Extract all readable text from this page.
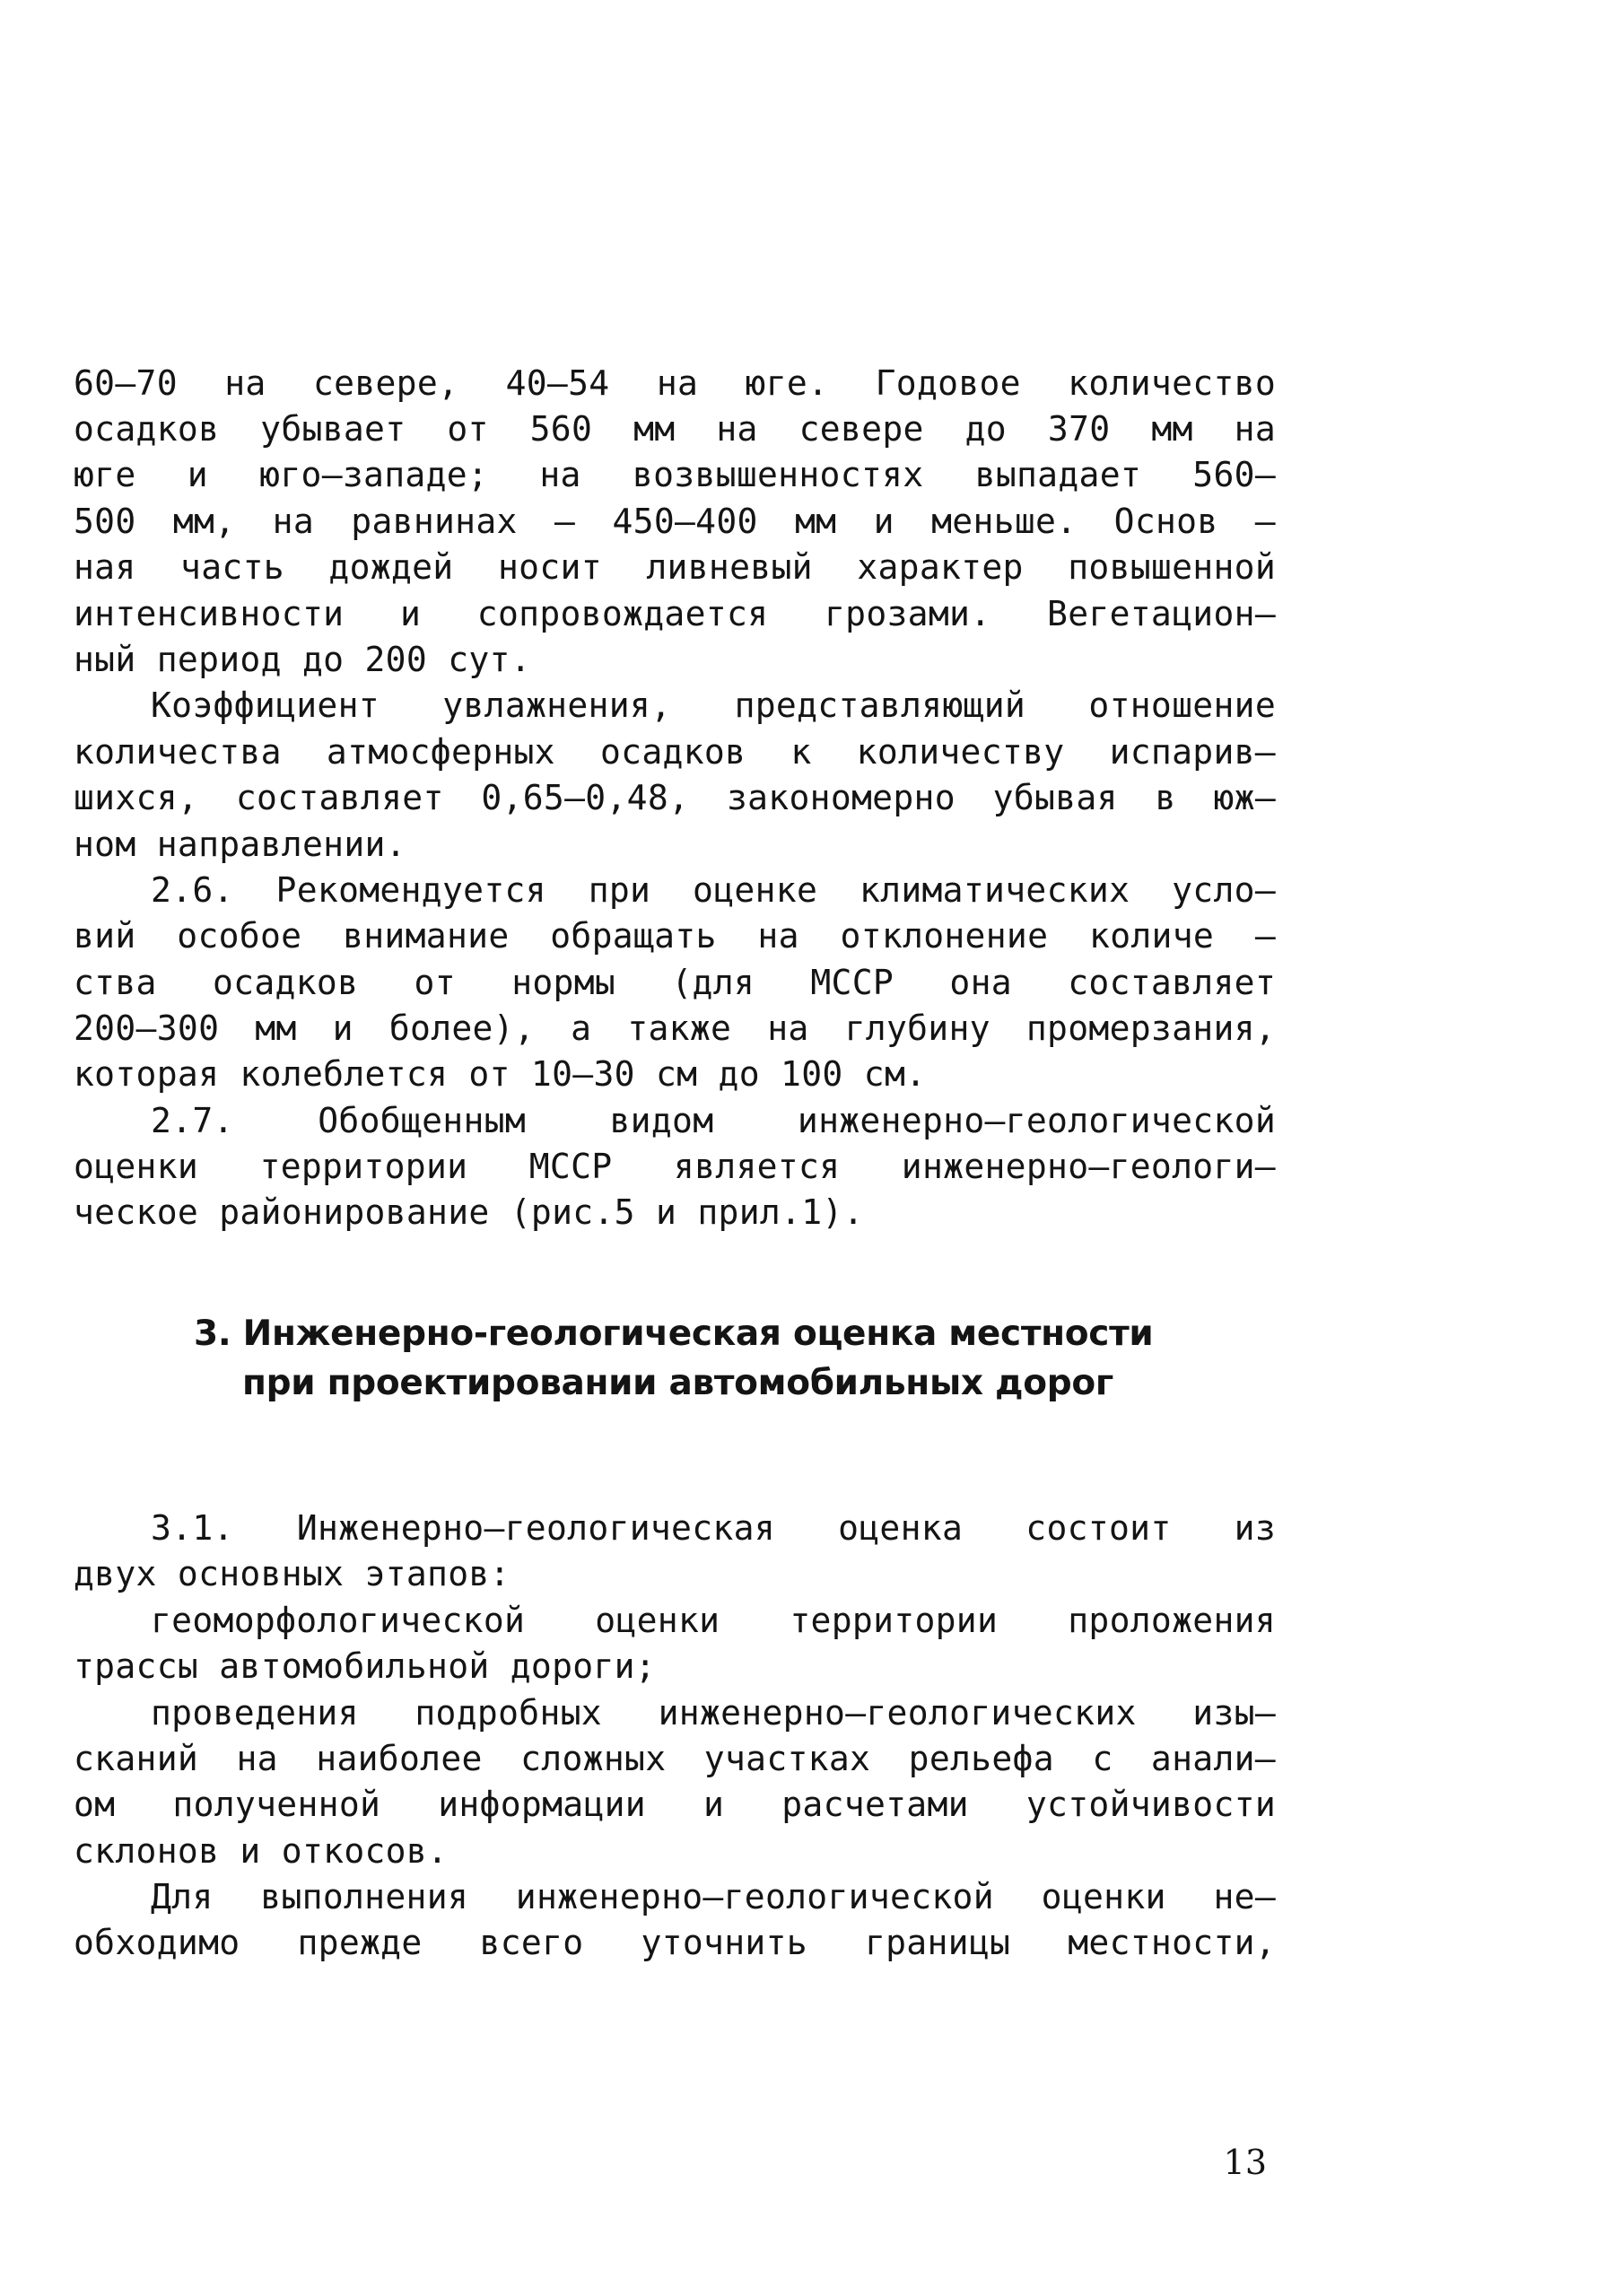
60–70 на севере, 40–54 на юге. Годовое количество
осадков убывает от 560 мм на севере до 370 мм на
юге и юго–западе; на возвышенностях выпадает 560–
500 мм, на равнинах – 450–400 мм и меньше. Основ –
ная часть дождей носит ливневый характер повышенной
интенсивности и сопровождается грозами. Вегетацион–
ный период до 200 сут.
Коэффициент увлажнения, представляющий отношение
количества атмосферных осадков к количеству испарив–
шихся, составляет 0,65–0,48, закономерно убывая в юж–
ном направлении.
2.6. Рекомендуется при оценке климатических усло–
вий особое внимание обращать на отклонение количе –
ства осадков от нормы (для МССР она составляет
200–300 мм и более), а также на глубину промерзания,
которая колеблется от 10–30 см до 100 см.
2.7. Обобщенным видом инженерно–геологической
оценки территории МССР является инженерно–геологи–
ческое районирование (рис.5 и прил.1).
3. Инженерно-геологическая оценка местности
при проектировании автомобильных дорог
3.1. Инженерно–геологическая оценка состоит из
двух основных этапов:
геоморфологической оценки территории проложения
трассы автомобильной дороги;
проведения подробных инженерно–геологических изы–
сканий на наиболее сложных участках рельефа с анали–
ом полученной информации и расчетами устойчивости
склонов и откосов.
Для выполнения инженерно–геологической оценки не–
обходимо прежде всего уточнить границы местности,
13
